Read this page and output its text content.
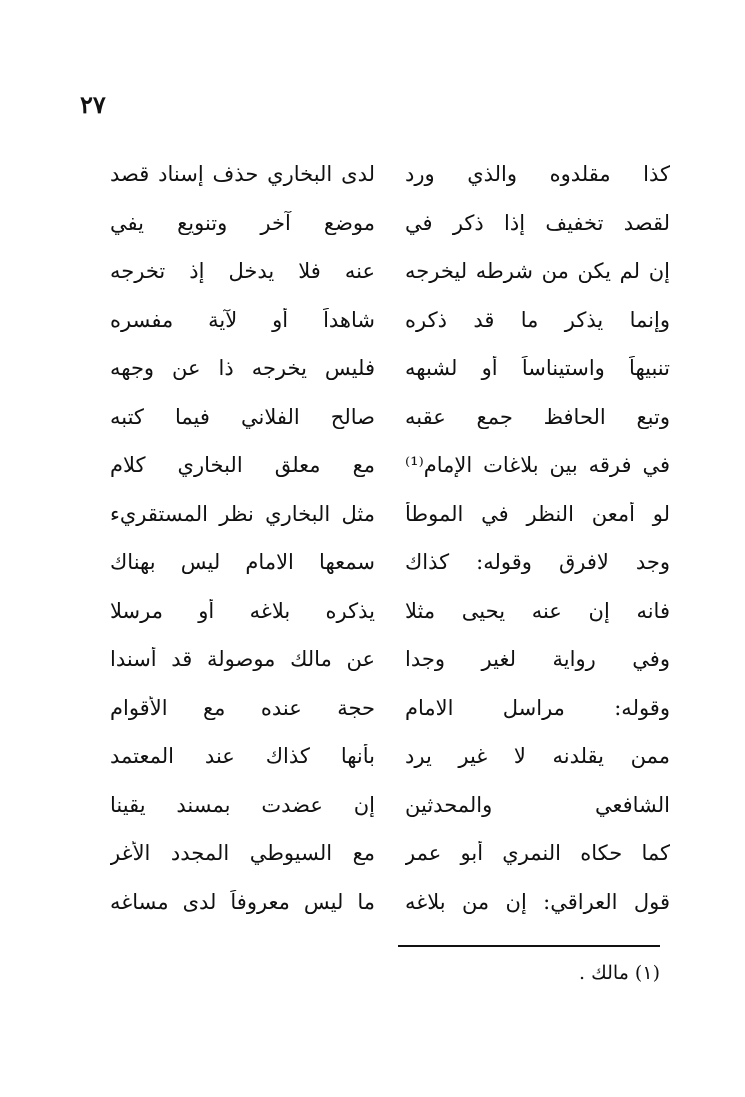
٢٧
كذا مقلدوه والذي ورد
لدى البخاري حذف إسناد قصد
لقصد تخفيف إذا ذكر في
موضع آخر وتنويع يفي
إن لم يكن من شرطه ليخرجه
عنه فلا يدخل إذ تخرجه
وإنما يذكر ما قد ذكره
شاهداً أو لآية مفسره
تنبيهاً واستيناساً أو لشبهه
فليس يخرجه ذا عن وجهه
وتبع الحافظ جمع عقبه
صالح الفلاني فيما كتبه
في فرقه بين بلاغات الإمام⁽¹⁾
مع معلق البخاري كلام
لو أمعن النظر في الموطأ
مثل البخاري نظر المستقريء
وجد لافرق وقوله: كذاك
سمعها الامام ليس بهناك
فانه إن عنه يحيى مثلا
يذكره بلاغه أو مرسلا
وفي رواية لغير وجدا
عن مالك موصولة قد أسندا
وقوله: مراسل الامام
حجة عنده مع الأقوام
ممن يقلدنه لا غير يرد
بأنها كذاك عند المعتمد
الشافعي والمحدثين
إن عضدت بمسند يقينا
كما حكاه النمري أبو عمر
مع السيوطي المجدد الأغر
قول العراقي: إن من بلاغه
ما ليس معروفاً لدى مساغه
(١) مالك .
